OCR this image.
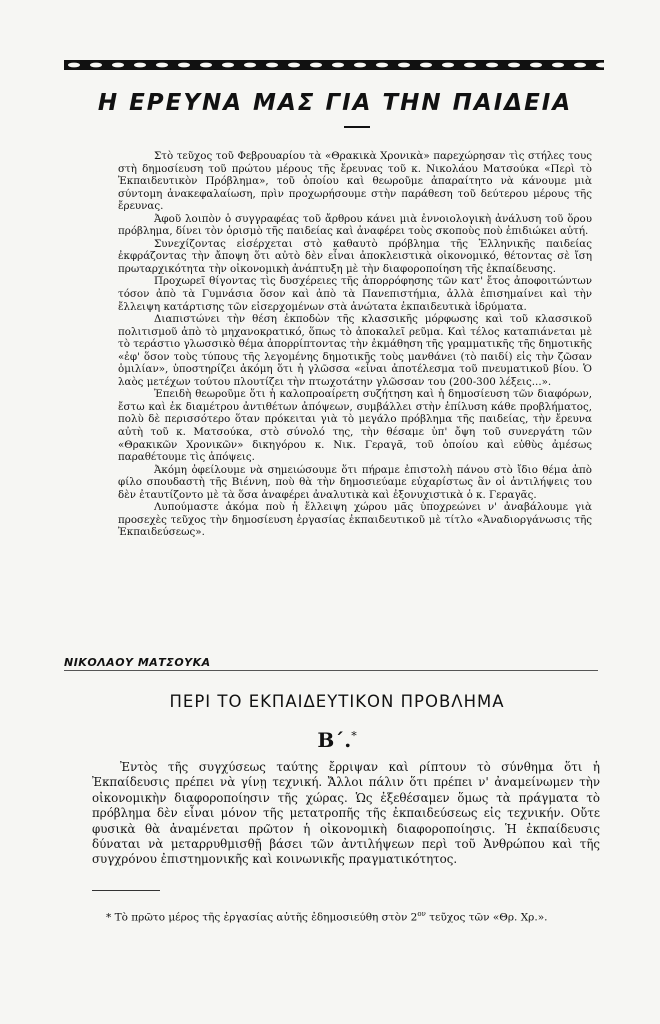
Η ΕΡΕΥΝΑ ΜΑΣ ΓΙΑ ΤΗΝ ΠΑΙΔΕΙΑ

Στὸ τεῦχος τοῦ Φεβρουαρίου τὰ «Θρακικὰ Χρονικὰ» παρεχώρησαν τὶς στήλες τους στὴ δημοσίευση τοῦ πρώτου μέρους τῆς ἔρευνας τοῦ κ. Νικολάου Ματσούκα «Περὶ τὸ Ἐκπαιδευτικὸν Πρόβλημα», τοῦ ὁποίου καὶ θεωροῦμε ἀπαραίτητο νὰ κάνουμε μιὰ σύντομη ἀνακεφαλαίωση, πρὶν προχωρήσουμε στὴν παράθεση τοῦ δεύτερου μέρους τῆς ἔρευνας.

Ἀφοῦ λοιπὸν ὁ συγγραφέας τοῦ ἄρθρου κάνει μιὰ ἐννοιολογικὴ ἀνάλυση τοῦ ὅρου πρόβλημα, δίνει τὸν ὁρισμὸ τῆς παιδείας καὶ ἀναφέρει τοὺς σκοποὺς ποὺ ἐπιδιώκει αὐτή.

Συνεχίζοντας εἰσέρχεται στὸ καθαυτὸ πρόβλημα τῆς Ἑλληνικῆς παιδείας ἐκφράζοντας τὴν ἄποψη ὅτι αὐτὸ δὲν εἶναι ἀποκλειστικὰ οἰκονομικό, θέτοντας σὲ ἴση πρωταρχικότητα τὴν οἰκονομικὴ ἀνάπτυξη μὲ τὴν διαφοροποίηση τῆς ἐκπαίδευσης.

Προχωρεῖ θίγοντας τὶς δυσχέρειες τῆς ἀπορρόφησης τῶν κατ' ἔτος ἀποφοιτώντων τόσον ἀπὸ τὰ Γυμνάσια ὅσον καὶ ἀπὸ τὰ Πανεπιστήμια, ἀλλὰ ἐπισημαίνει καὶ τὴν ἔλλειψη κατάρτισης τῶν εἰσερχομένων στὰ ἀνώτατα ἐκπαιδευτικὰ ἱδρύματα.

Διαπιστώνει τὴν θέση ἐκποδὼν τῆς κλασσικῆς μόρφωσης καὶ τοῦ κλασσικοῦ πολιτισμοῦ ἀπὸ τὸ μηχανοκρατικό, ὅπως τὸ ἀποκαλεῖ ρεῦμα. Καὶ τέλος καταπιάνεται μὲ τὸ τεράστιο γλωσσικὸ θέμα ἀπορρίπτοντας τὴν ἐκμάθηση τῆς γραμματικῆς τῆς δημοτικῆς «ἐφ' ὅσον τοὺς τύπους τῆς λεγομένης δημοτικῆς τοὺς μανθάνει (τὸ παιδί) εἰς τὴν ζῶσαν ὁμιλίαν», ὑποστηρίζει ἀκόμη ὅτι ἡ γλῶσσα «εἶναι ἀποτέλεσμα τοῦ πνευματικοῦ βίου. Ὁ λαὸς μετέχων τούτου πλουτίζει τὴν πτωχοτάτην γλῶσσαν του (200-300 λέξεις...».

Ἐπειδὴ θεωροῦμε ὅτι ἡ καλοπροαίρετη συζήτηση καὶ ἡ δημοσίευση τῶν διαφόρων, ἔστω καὶ ἐκ διαμέτρου ἀντιθέτων ἀπόψεων, συμβάλλει στὴν ἐπίλυση κάθε προβλήματος, πολὺ δὲ περισσότερο ὅταν πρόκειται γιὰ τὸ μεγάλο πρόβλημα τῆς παιδείας, τὴν ἔρευνα αὐτὴ τοῦ κ. Ματσούκα, στὸ σύνολό της, τὴν θέσαμε ὑπ' ὄψη τοῦ συνεργάτη τῶν «Θρακικῶν Χρονικῶν» δικηγόρου κ. Νικ. Γεραγᾶ, τοῦ ὁποίου καὶ εὐθὺς ἀμέσως παραθέτουμε τὶς ἀπόψεις.

Ἀκόμη ὀφείλουμε νὰ σημειώσουμε ὅτι πήραμε ἐπιστολὴ πάνου στὸ ἴδιο θέμα ἀπὸ φίλο σπουδαστὴ τῆς Βιέννη, ποὺ θὰ τὴν δημοσιεύαμε εὐχαρίστως ἂν οἱ ἀντιλήψεις του δὲν ἐταυτίζοντο μὲ τὰ ὅσα ἀναφέρει ἀναλυτικὰ καὶ ἐξονυχιστικὰ ὁ κ. Γεραγᾶς.

Λυπούμαστε ἀκόμα ποὺ ἡ ἔλλειψη χώρου μᾶς ὑποχρεώνει ν' ἀναβάλουμε γιὰ προσεχὲς τεῦχος τὴν δημοσίευση ἐργασίας ἐκπαιδευτικοῦ μὲ τίτλο «Ἀναδιοργάνωσις τῆς Ἐκπαιδεύσεως».

ΝΙΚΟΛΑΟΥ ΜΑΤΣΟΥΚΑ
ΠΕΡΙ ΤΟ ΕΚΠΑΙΔΕΥΤΙΚΟΝ ΠΡΟΒΛΗΜΑ
Β΄.*

Ἐντὸς τῆς συγχύσεως ταύτης ἔρριψαν καὶ ρίπτουν τὸ σύνθημα ὅτι ἡ Ἐκπαίδευσις πρέπει νὰ γίνῃ τεχνική. Ἄλλοι πάλιν ὅτι πρέπει ν' ἀναμείνωμεν τὴν οἰκονομικὴν διαφοροποίησιν τῆς χώρας. Ὡς ἐξεθέσαμεν ὅμως τὰ πράγματα τὸ πρόβλημα δὲν εἶναι μόνον τῆς μετατροπῆς τῆς ἐκπαιδεύσεως εἰς τεχνικήν. Οὔτε φυσικὰ θὰ ἀναμένεται πρῶτον ἡ οἰκονομικὴ διαφοροποίησις. Ἡ ἐκπαίδευσις δύναται νὰ μεταρρυθμισθῇ βάσει τῶν ἀντιλήψεων περὶ τοῦ Ἀνθρώπου καὶ τῆς συγχρόνου ἐπιστημονικῆς καὶ κοινωνικῆς πραγματικότητος.

* Τὸ πρῶτο μέρος τῆς ἐργασίας αὐτῆς ἐδημοσιεύθη στὸν $2^{o\nu}$ τεῦχος τῶν «Θρ. Χρ.».
